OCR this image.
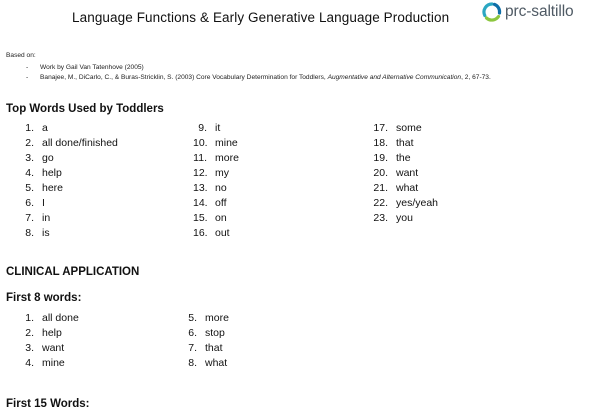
Language Functions & Early Generative Language Production	prc-saltillo
Based on:
-	Work by Gail Van Tatenhove (2005)
-	Banajee, M., DiCarlo, C., & Buras-Stricklin, S. (2003) Core Vocabulary Determination for Toddlers, Augmentative and Alternative Communication, 2, 67-73.
Top Words Used by Toddlers
1. a
2. all done/finished
3. go
4. help
5. here
6. I
7. in
8. is
9. it
10. mine
11. more
12. my
13. no
14. off
15. on
16. out
17. some
18. that
19. the
20. want
21. what
22. yes/yeah
23. you
CLINICAL APPLICATION
First 8 words:
1. all done
2. help
3. want
4. mine
5. more
6. stop
7. that
8. what
First 15 Words:
